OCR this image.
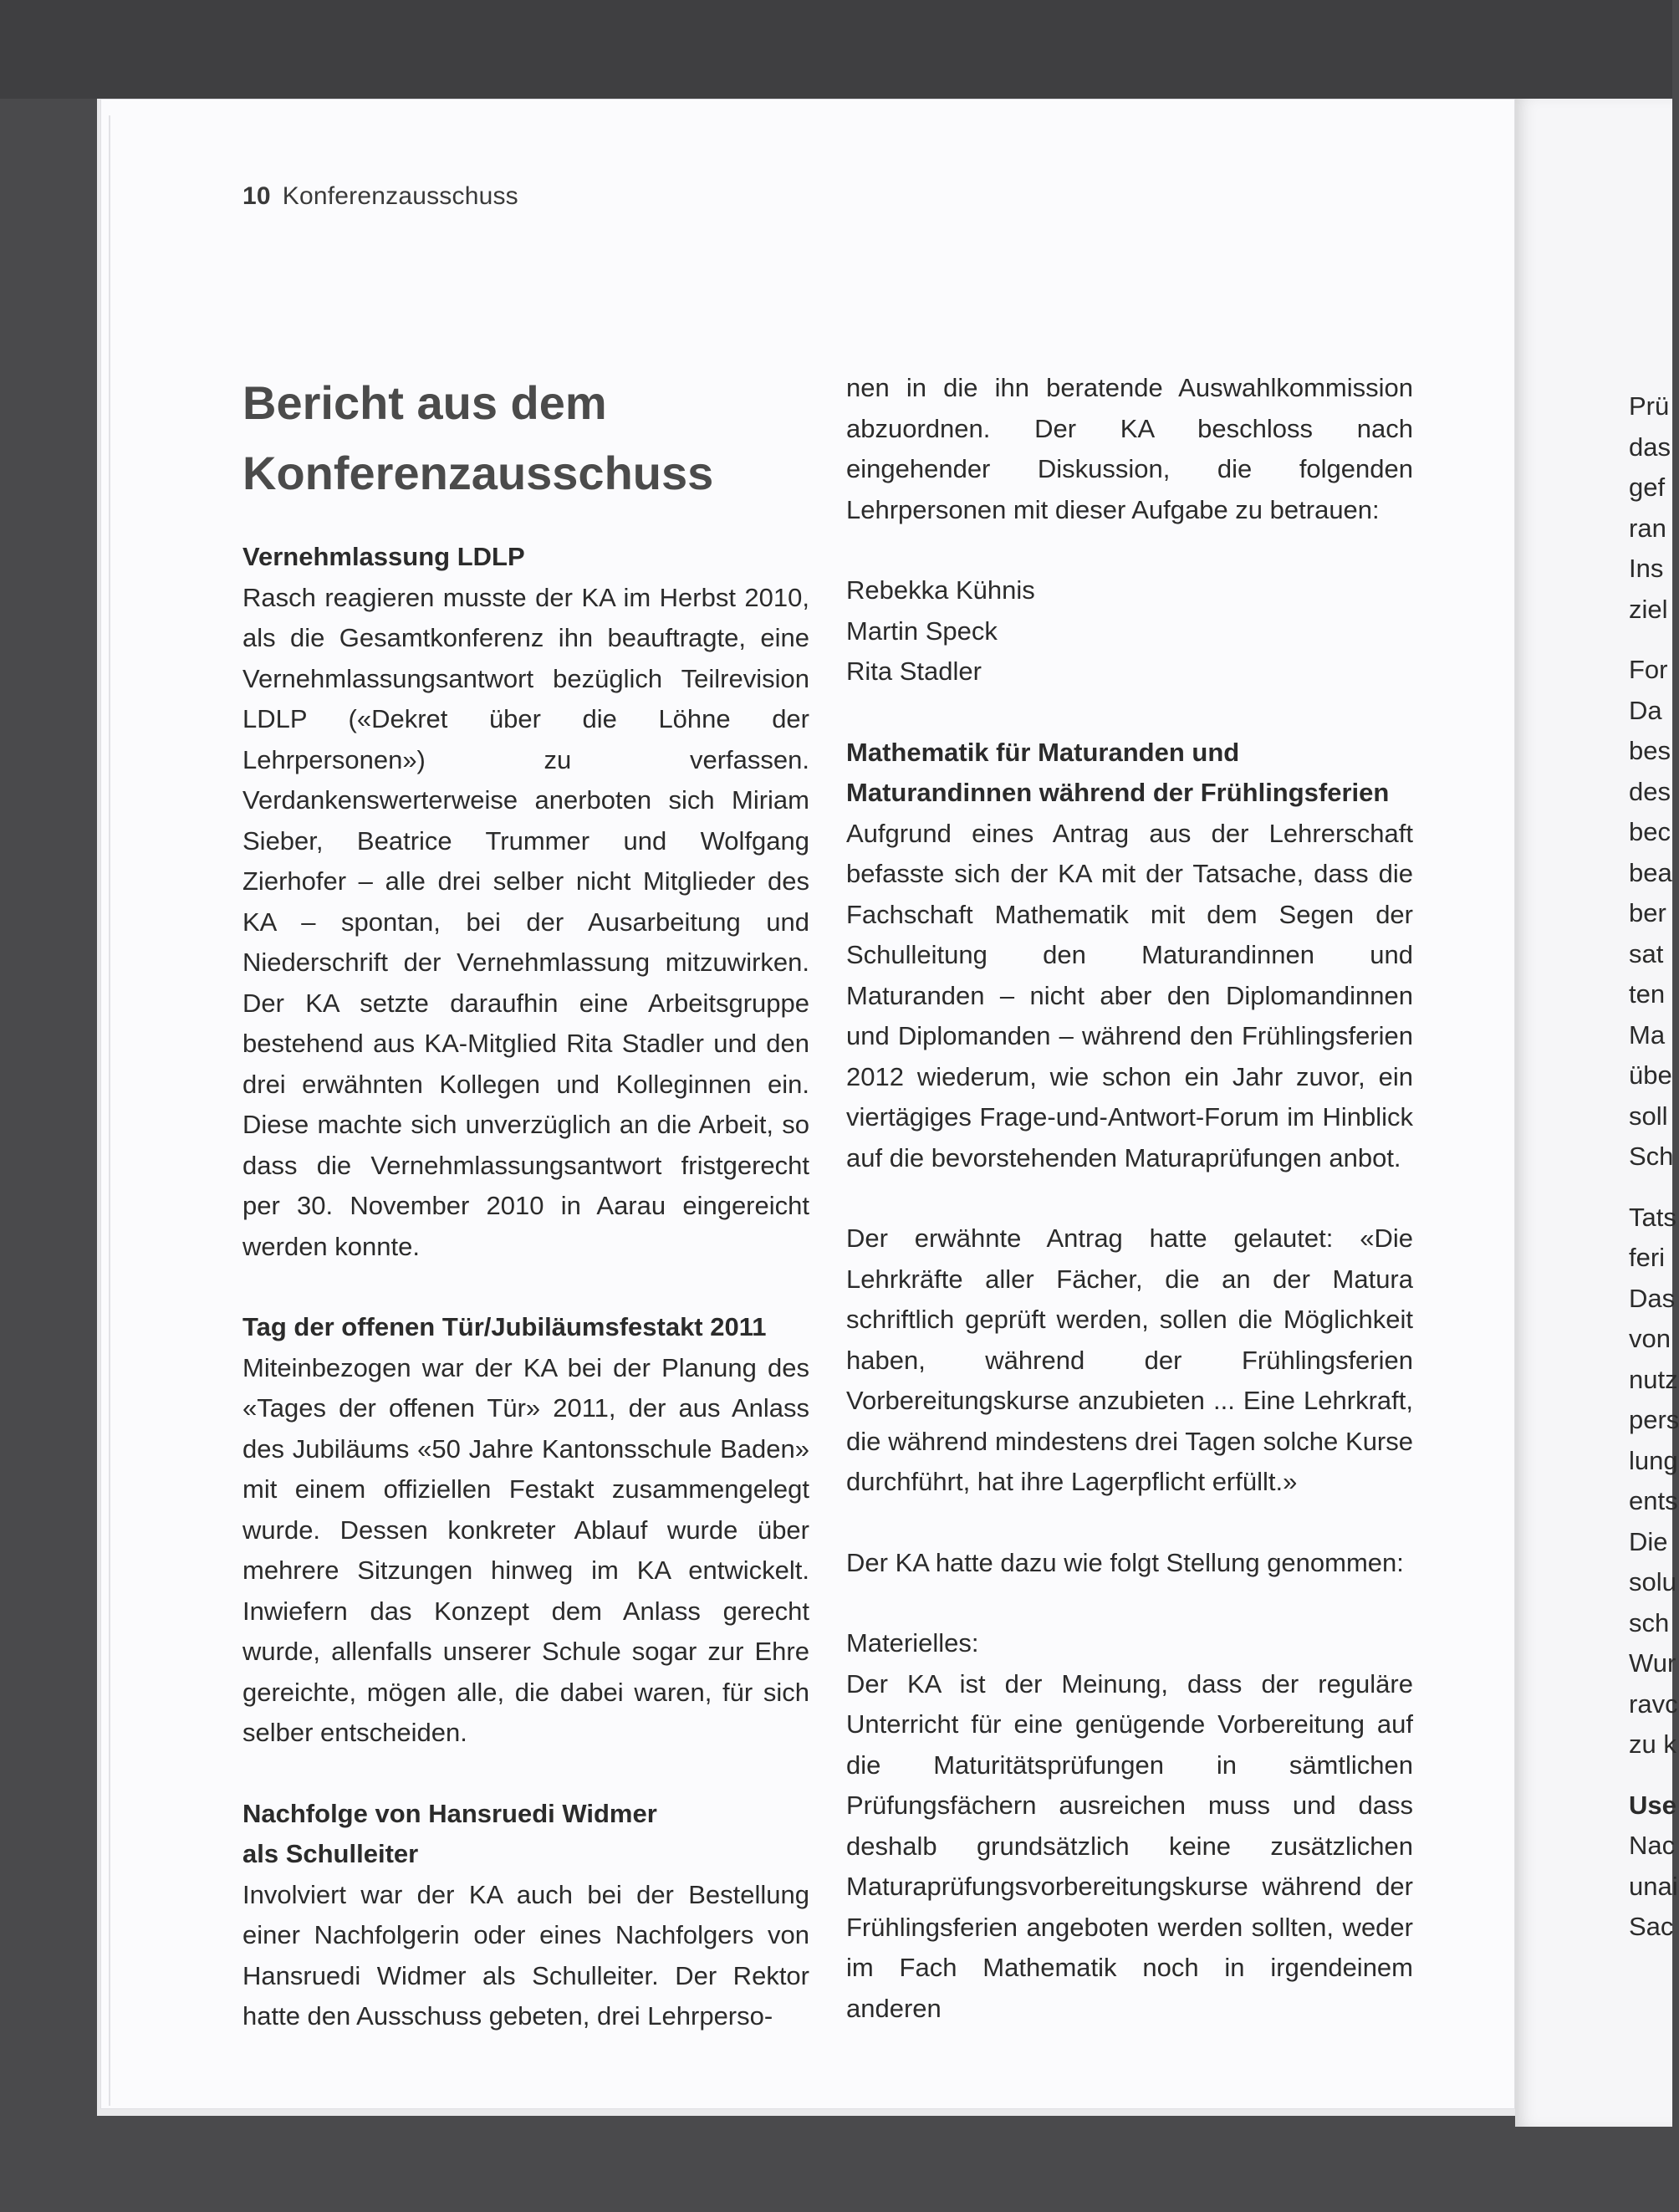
10 Konferenzausschuss
Bericht aus dem
Konferenzausschuss
Vernehmlassung LDLP

Rasch reagieren musste der KA im Herbst 2010, als die Gesamtkonferenz ihn beauftragte, eine Vernehmlassungsantwort bezüglich Teilrevision LDLP («Dekret über die Löhne der Lehrpersonen») zu verfassen. Verdankenswerterweise anerboten sich Miriam Sieber, Beatrice Trummer und Wolfgang Zierhofer – alle drei selber nicht Mitglieder des KA – spontan, bei der Ausarbeitung und Niederschrift der Vernehmlassung mitzuwirken. Der KA setzte daraufhin eine Arbeitsgruppe bestehend aus KA-Mitglied Rita Stadler und den drei erwähnten Kollegen und Kolleginnen ein. Diese machte sich unverzüglich an die Arbeit, so dass die Vernehmlassungsantwort fristgerecht per 30. November 2010 in Aarau eingereicht werden konnte.

Tag der offenen Tür/Jubiläumsfestakt 2011

Miteinbezogen war der KA bei der Planung des «Tages der offenen Tür» 2011, der aus Anlass des Jubiläums «50 Jahre Kantonsschule Baden» mit einem offiziellen Festakt zusammengelegt wurde. Dessen konkreter Ablauf wurde über mehrere Sitzungen hinweg im KA entwickelt. Inwiefern das Konzept dem Anlass gerecht wurde, allenfalls unserer Schule sogar zur Ehre gereichte, mögen alle, die dabei waren, für sich selber entscheiden.

Nachfolge von Hansruedi Widmer
als Schulleiter

Involviert war der KA auch bei der Bestellung einer Nachfolgerin oder eines Nachfolgers von Hansruedi Widmer als Schulleiter. Der Rektor hatte den Ausschuss gebeten, drei Lehrperso-

nen in die ihn beratende Auswahlkommission abzuordnen. Der KA beschloss nach eingehender Diskussion, die folgenden Lehrpersonen mit dieser Aufgabe zu betrauen:

Rebekka Kühnis
Martin Speck
Rita Stadler
Mathematik für Maturanden und Maturandinnen während der Frühlingsferien

Aufgrund eines Antrag aus der Lehrerschaft befasste sich der KA mit der Tatsache, dass die Fachschaft Mathematik mit dem Segen der Schulleitung den Maturandinnen und Maturanden – nicht aber den Diplomandinnen und Diplomanden – während den Frühlingsferien 2012 wiederum, wie schon ein Jahr zuvor, ein viertägiges Frage-und-Antwort-Forum im Hinblick auf die bevorstehenden Maturaprüfungen anbot.

Der erwähnte Antrag hatte gelautet: «Die Lehrkräfte aller Fächer, die an der Matura schriftlich geprüft werden, sollen die Möglichkeit haben, während der Frühlingsferien Vorbereitungskurse anzubieten ... Eine Lehrkraft, die während mindestens drei Tagen solche Kurse durchführt, hat ihre Lagerpflicht erfüllt.»

Der KA hatte dazu wie folgt Stellung genommen:

Materielles:

Der KA ist der Meinung, dass der reguläre Unterricht für eine genügende Vorbereitung auf die Maturitätsprüfungen in sämtlichen Prüfungsfächern ausreichen muss und dass deshalb grundsätzlich keine zusätzlichen Maturaprüfungsvorbereitungskurse während der Frühlingsferien angeboten werden sollten, weder im Fach Mathematik noch in irgendeinem anderen

Prü
das
gef
ran
Ins
ziel
For
Da
bes
des
bec
bea
ber
sat
ten
Ma
übe
soll
Sch
Tats
feri
Das
von
nutz
pers
lung
ents
Die
solu
sch
Wur
ravc
zu k
Use
Nac
unai
Sac
